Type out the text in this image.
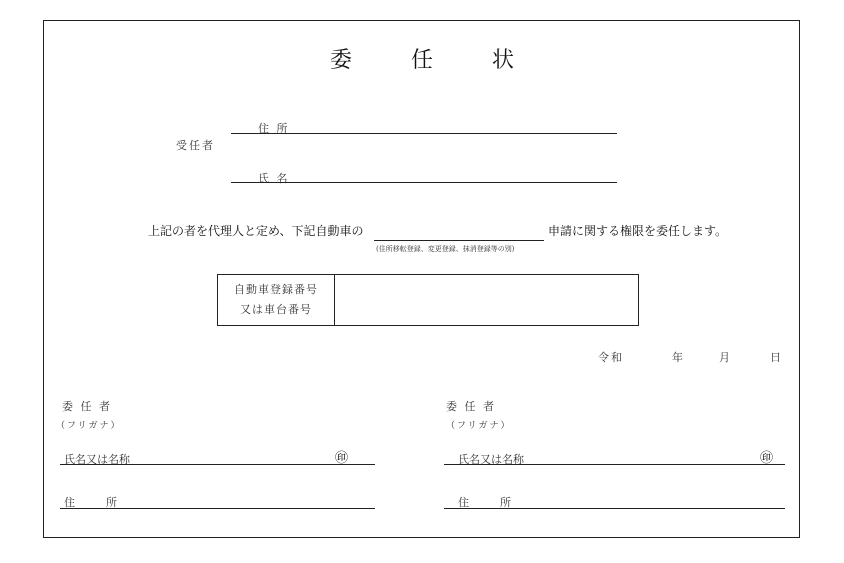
委 任 状
受任者
住 所
氏 名
上記の者を代理人と定め、下記自動車の
(住所移転登録、変更登録、抹消登録等の別)
申請に関する権限を委任します。
自動車登録番号
又は車台番号

令和	年	月	日
委 任 者
（フリガナ）
氏名又は名称	㊞
住　　所
委 任 者
（フリガナ）
氏名又は名称	㊞
住　　所
